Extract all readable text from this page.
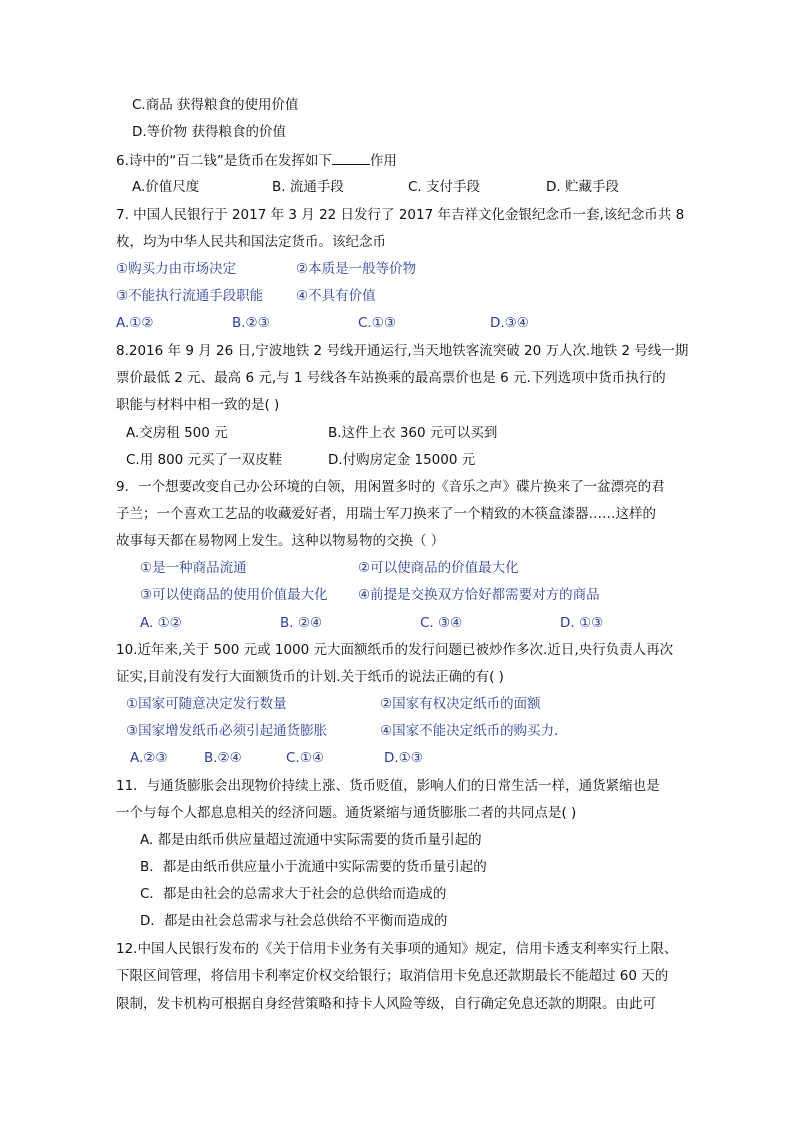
C.商品 获得粮食的使用价值
D.等价物 获得粮食的价值
6.诗中的“百二钱”是货币在发挥如下	作用
A.价值尺度	B. 流通手段	C. 支付手段	D. 贮藏手段
7. 中国人民银行于 2017 年 3 月 22 日发行了 2017 年吉祥文化金银纪念币一套,该纪念币共 8
枚，均为中华人民共和国法定货币。该纪念币
①购买力由市场决定	②本质是一般等价物
③不能执行流通手段职能 ④不具有价值
A.①②	B.②③	C.①③	D.③④
8.2016 年 9 月 26 日,宁波地铁 2 号线开通运行,当天地铁客流突破 20 万人次.地铁 2 号线一期
票价最低 2 元、最高 6 元,与 1 号线各车站换乘的最高票价也是 6 元.下列选项中货币执行的
职能与材料中相一致的是( )
A.交房租 500 元	B.这件上衣 360 元可以买到
C.用 800 元买了一双皮鞋	D.付购房定金 15000 元
9．一个想要改变自己办公环境的白领，用闲置多时的《音乐之声》碟片换来了一盆漂亮的君
子兰；一个喜欢工艺品的收藏爱好者，用瑞士军刀换来了一个精致的木筷盒漆器……这样的
故事每天都在易物网上发生。这种以物易物的交换（ ）
①是一种商品流通	②可以使商品的价值最大化
③可以使商品的使用价值最大化 ④前提是交换双方恰好都需要对方的商品
A. ①②	B. ②④	C. ③④	D. ①③
10.近年来,关于 500 元或 1000 元大面额纸币的发行问题已被炒作多次.近日,央行负责人再次
证实,目前没有发行大面额货币的计划.关于纸币的说法正确的有( )
①国家可随意决定发行数量	②国家有权决定纸币的面额
③国家增发纸币必须引起通货膨胀	④国家不能决定纸币的购买力.
A.②③	B.②④	C.①④	D.①③
11．与通货膨胀会出现物价持续上涨、货币贬值，影响人们的日常生活一样，通货紧缩也是
一个与每个人都息息相关的经济问题。通货紧缩与通货膨胀二者的共同点是( )
A. 都是由纸币供应量超过流通中实际需要的货币量引起的
B．都是由纸币供应量小于流通中实际需要的货币量引起的
C．都是由社会的总需求大于社会的总供给而造成的
D．都是由社会总需求与社会总供给不平衡而造成的
12.中国人民银行发布的《关于信用卡业务有关事项的通知》规定，信用卡透支利率实行上限、
下限区间管理，将信用卡利率定价权交给银行；取消信用卡免息还款期最长不能超过 60 天的
限制，发卡机构可根据自身经营策略和持卡人风险等级，自行确定免息还款的期限。由此可
